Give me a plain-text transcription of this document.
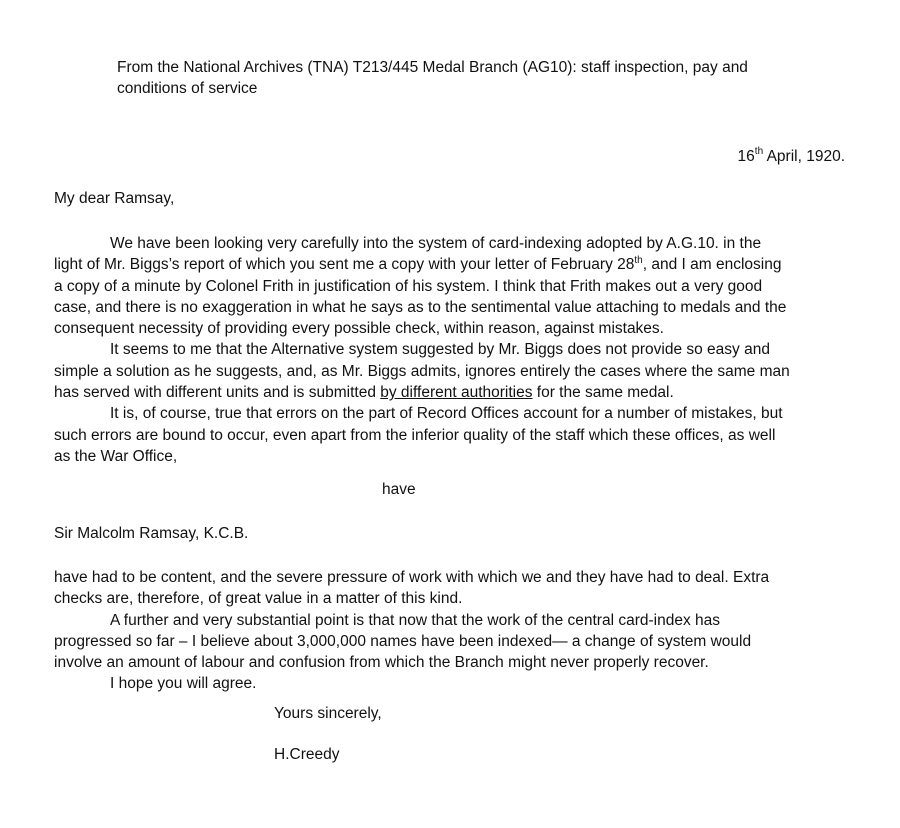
From the National Archives (TNA) T213/445 Medal Branch (AG10): staff inspection, pay and
conditions of service
16th April, 1920.
My dear Ramsay,
We have been looking very carefully into the system of card-indexing adopted by A.G.10. in the
light of Mr. Biggs’s report of which you sent me a copy with your letter of February 28th, and I am enclosing
a copy of a minute by Colonel Frith in justification of his system. I think that Frith makes out a very good
case, and there is no exaggeration in what he says as to the sentimental value attaching to medals and the
consequent necessity of providing every possible check, within reason, against mistakes.
It seems to me that the Alternative system suggested by Mr. Biggs does not provide so easy and
simple a solution as he suggests, and, as Mr. Biggs admits, ignores entirely the cases where the same man
has served with different units and is submitted by different authorities for the same medal.
It is, of course, true that errors on the part of Record Offices account for a number of mistakes, but
such errors are bound to occur, even apart from the inferior quality of the staff which these offices, as well
as the War Office,
have
Sir Malcolm Ramsay, K.C.B.
have had to be content, and the severe pressure of work with which we and they have had to deal. Extra
checks are, therefore, of great value in a matter of this kind.
A further and very substantial point is that now that the work of the central card-index has
progressed so far – I believe about 3,000,000 names have been indexed— a change of system would
involve an amount of labour and confusion from which the Branch might never properly recover.
I hope you will agree.
Yours sincerely,
H.Creedy
